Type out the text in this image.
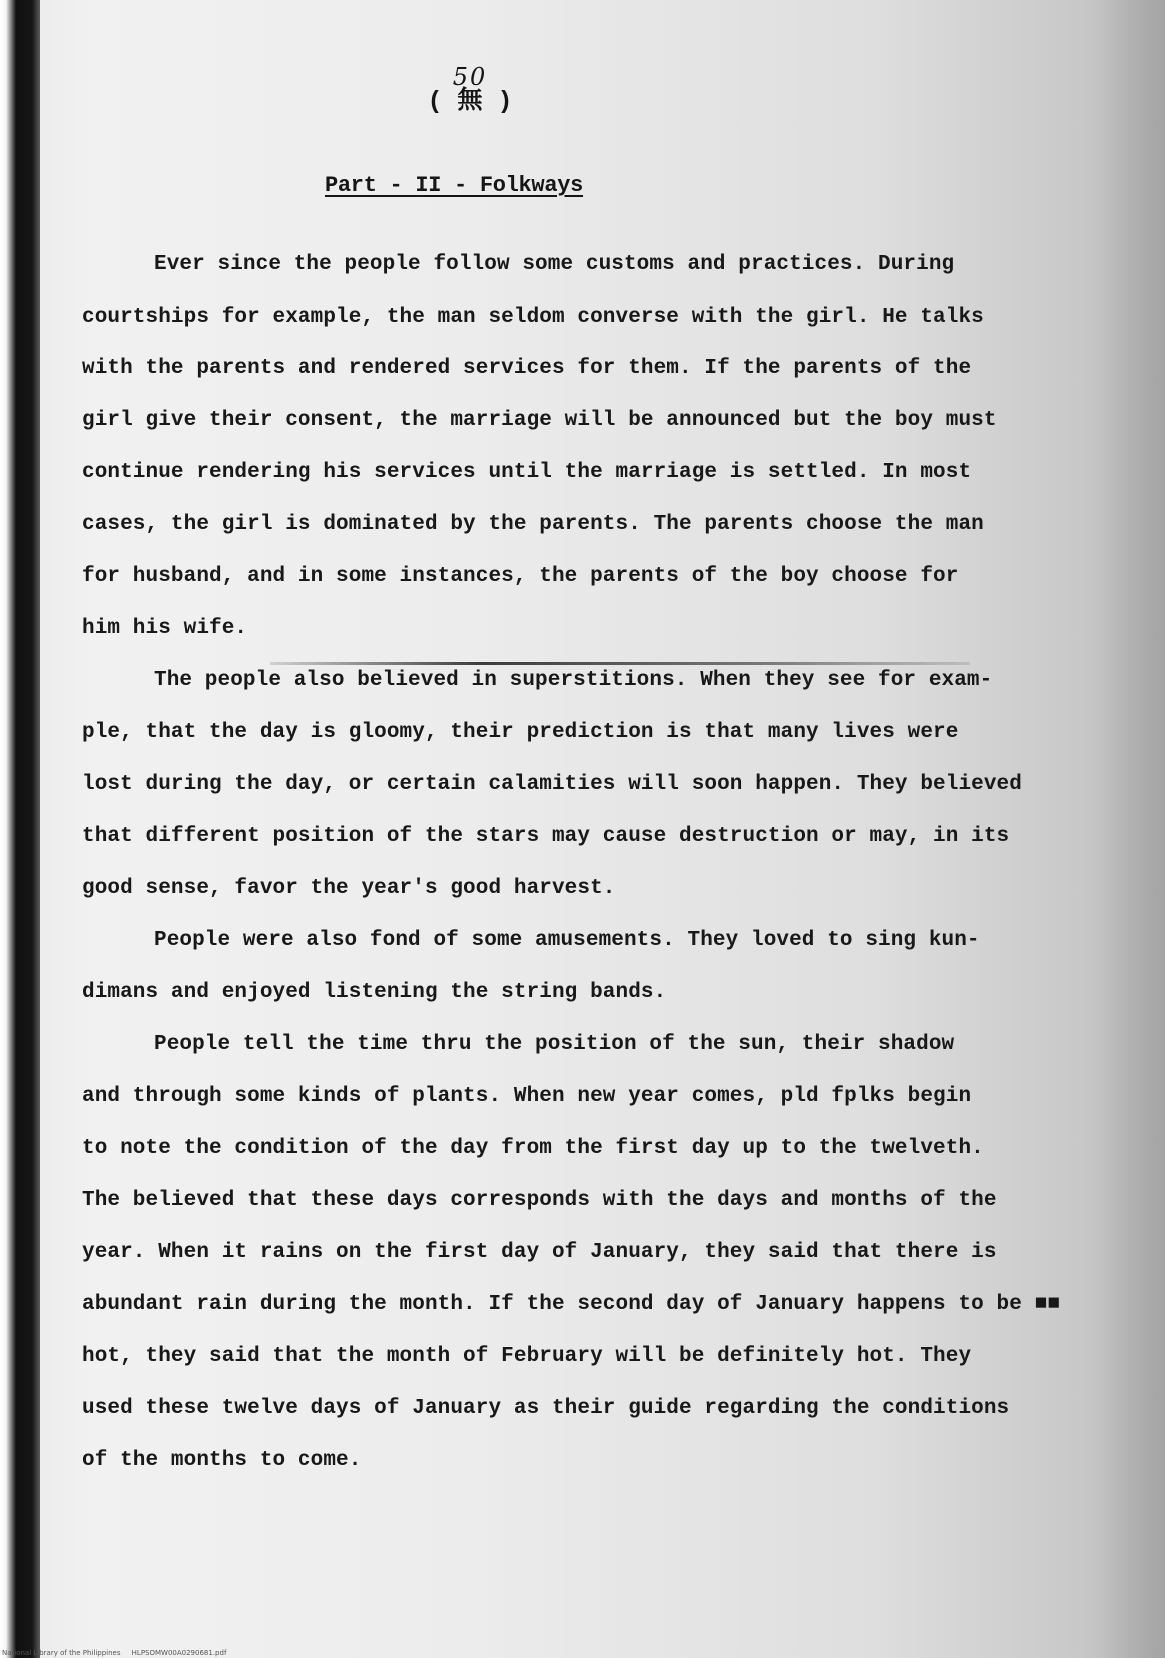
50
( 無 )
Part - II - Folkways
Ever since the people follow some customs and practices. During
courtships for example, the man seldom converse with the girl. He talks
with the parents and rendered services for them. If the parents of the
girl give their consent, the marriage will be announced but the boy must
continue rendering his services until the marriage is settled. In most
cases, the girl is dominated by the parents. The parents choose the man
for husband, and in some instances, the parents of the boy choose for
him his wife.
The people also believed in superstitions. When they see for exam-
ple, that the day is gloomy, their prediction is that many lives were
lost during the day, or certain calamities will soon happen. They believed
that different position of the stars may cause destruction or may, in its
good sense, favor the year's good harvest.
People were also fond of some amusements. They loved to sing kun-
dimans and enjoyed listening the string bands.
People tell the time thru the position of the sun, their shadow
and through some kinds of plants. When new year comes, pld fplks begin
to note the condition of the day from the first day up to the twelveth.
The believed that these days corresponds with the days and months of the
year. When it rains on the first day of January, they said that there is
abundant rain during the month. If the second day of January happens to be ■■
hot, they said that the month of February will be definitely hot. They
used these twelve days of January as their guide regarding the conditions
of the months to come.
National Library of the Philippines HLPSOMW00A0290681.pdf
